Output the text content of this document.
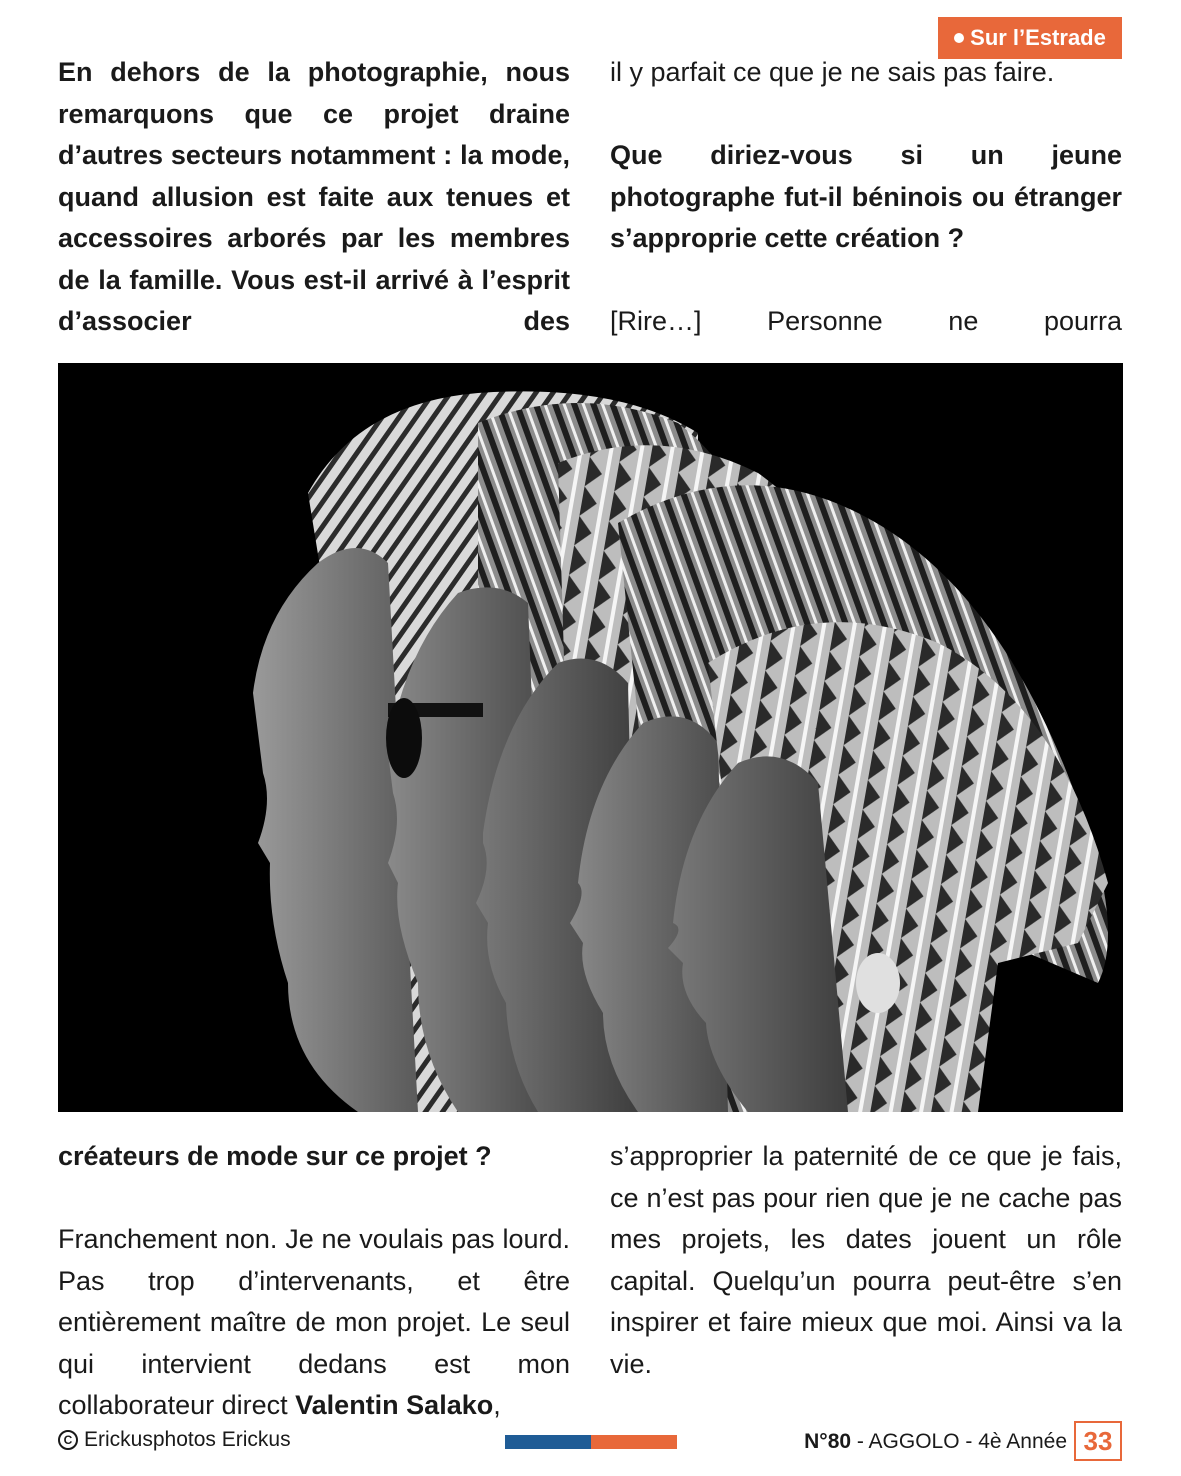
Sur l’Estrade

En dehors de la photographie, nous remarquons que ce projet draine d’autres secteurs notamment : la mode, quand allusion est faite aux tenues et accessoires arborés par les membres de la famille. Vous est-il arrivé à l’esprit d’associer des

il y parfait ce que je ne sais pas faire.

Que diriez-vous si un jeune photographe fut-il béninois ou étranger s’approprie cette création ?

[Rire…] Personne ne pourra

créateurs de mode sur ce projet ?

Franchement non. Je ne voulais pas lourd. Pas trop d’intervenants, et être entièrement maître de mon projet. Le seul qui intervient dedans est mon collaborateur direct Valentin Salako,

s’approprier la paternité de ce que je fais, ce n’est pas pour rien que je ne cache pas mes projets, les dates jouent un rôle capital. Quelqu’un pourra peut-être s’en inspirer et faire mieux que moi. Ainsi va la vie.

C Erickusphotos Erickus	N°80 - AGGOLO - 4è Année 33
